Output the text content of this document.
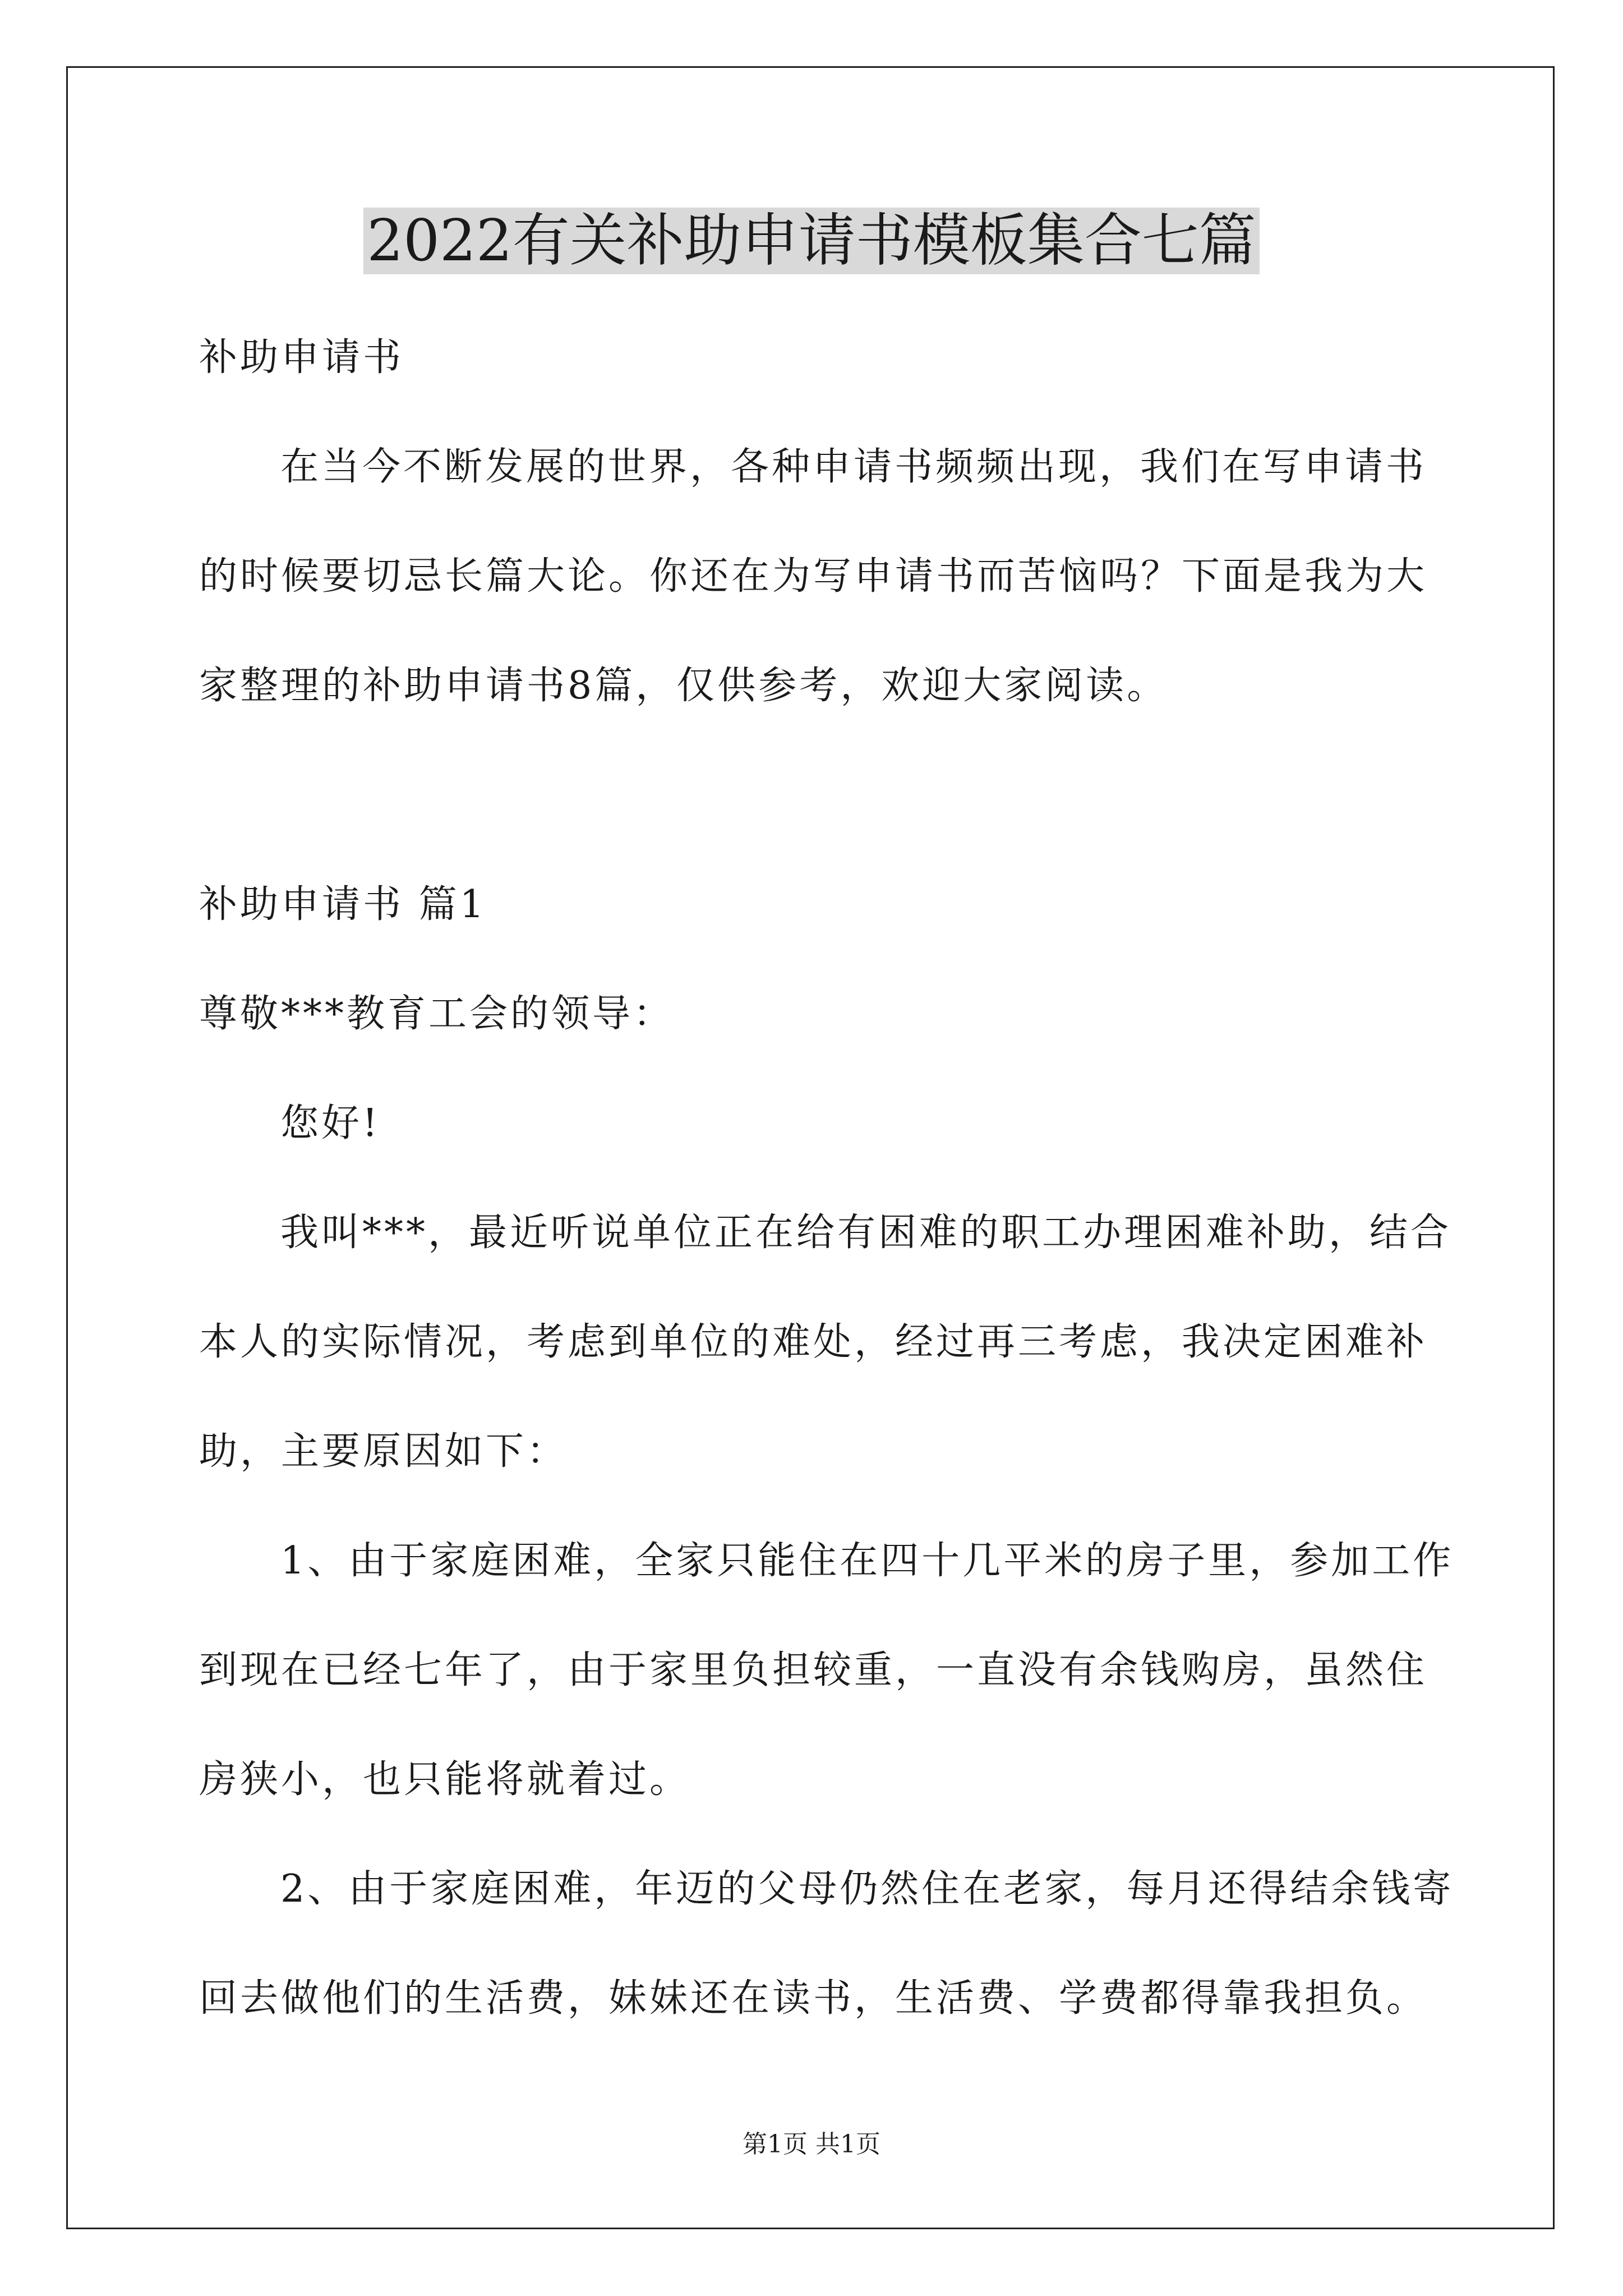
2022有关补助申请书模板集合七篇
补助申请书
在当今不断发展的世界，各种申请书频频出现，我们在写申请书
的时候要切忌长篇大论。你还在为写申请书而苦恼吗？下面是我为大
家整理的补助申请书8篇，仅供参考，欢迎大家阅读。
补助申请书 篇1
尊敬***教育工会的领导：
您好!
我叫***，最近听说单位正在给有困难的职工办理困难补助，结合
本人的实际情况，考虑到单位的难处，经过再三考虑，我决定困难补
助，主要原因如下：
1、由于家庭困难，全家只能住在四十几平米的房子里，参加工作
到现在已经七年了，由于家里负担较重，一直没有余钱购房，虽然住
房狭小，也只能将就着过。
2、由于家庭困难，年迈的父母仍然住在老家，每月还得结余钱寄
回去做他们的生活费，妹妹还在读书，生活费、学费都得靠我担负。
第1页 共1页
